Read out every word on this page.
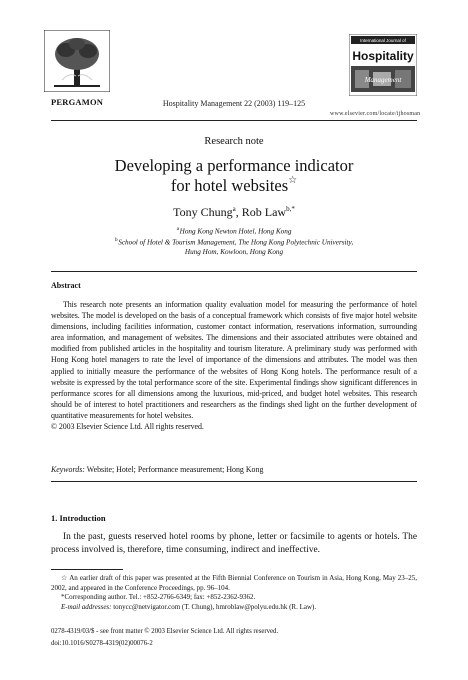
PERGAMON	Hospitality Management 22 (2003) 119–125
International Journal of
Hospitality
Management
www.elsevier.com/locate/ijhosman
Research note
Developing a performance indicator
for hotel websites☆
Tony Chung$^a$, Rob Law$^{b,*}$
$^a$ Hong Kong Newton Hotel, Hong Kong
$^b$ School of Hotel & Tourism Management, The Hong Kong Polytechnic University,
Hung Hom, Kowloon, Hong Kong
Abstract
This research note presents an information quality evaluation model for measuring the performance of hotel websites. The model is developed on the basis of a conceptual framework which consists of five major hotel website dimensions, including facilities information, customer contact information, reservations information, surrounding area information, and management of websites. The dimensions and their associated attributes were obtained and modified from published articles in the hospitality and tourism literature. A preliminary study was performed with Hong Kong hotel managers to rate the level of importance of the dimensions and attributes. The model was then applied to initially measure the performance of the websites of Hong Kong hotels. The performance result of a website is expressed by the total performance score of the site. Experimental findings show significant differences in performance scores for all dimensions among the luxurious, mid-priced, and budget hotel websites. This research should be of interest to hotel practitioners and researchers as the findings shed light on the further development of quantitative measurements for hotel websites.
© 2003 Elsevier Science Ltd. All rights reserved.
Keywords: Website; Hotel; Performance measurement; Hong Kong
1. Introduction
In the past, guests reserved hotel rooms by phone, letter or facsimile to agents or hotels. The process involved is, therefore, time consuming, indirect and ineffective.

☆ An earlier draft of this paper was presented at the Fifth Biennial Conference on Tourism in Asia, Hong Kong, May 23–25, 2002, and appeared in the Conference Proceedings, pp. 96–104.

*Corresponding author. Tel.: +852-2766-6349; fax: +852-2362-9362.

E-mail addresses: tonycc@netvigator.com (T. Chung), hmroblaw@polyu.edu.hk (R. Law).

0278-4319/03/$ - see front matter © 2003 Elsevier Science Ltd. All rights reserved.
doi:10.1016/S0278-4319(02)00076-2
